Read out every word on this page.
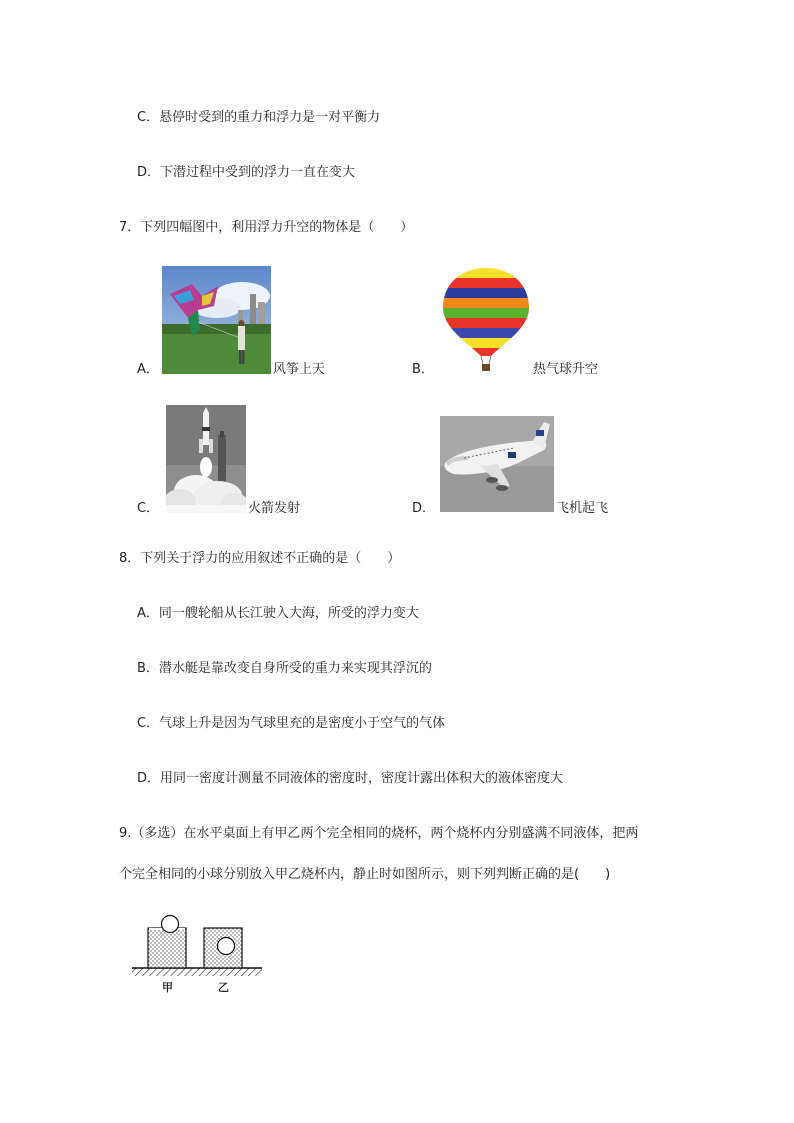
C．悬停时受到的重力和浮力是一对平衡力
D．下潜过程中受到的浮力一直在变大
7．下列四幅图中，利用浮力升空的物体是（　　）
A．	风筝上天	B．	热气球升空
C．	火箭发射	D．	飞机起飞
8．下列关于浮力的应用叙述不正确的是（　　）
A．同一艘轮船从长江驶入大海，所受的浮力变大
B．潜水艇是靠改变自身所受的重力来实现其浮沉的
C．气球上升是因为气球里充的是密度小于空气的气体
D．用同一密度计测量不同液体的密度时，密度计露出体积大的液体密度大
9.（多选）在水平桌面上有甲乙两个完全相同的烧杯，两个烧杯内分别盛满不同液体，把两
个完全相同的小球分别放入甲乙烧杯内，静止时如图所示，则下列判断正确的是(　　)
甲	乙
